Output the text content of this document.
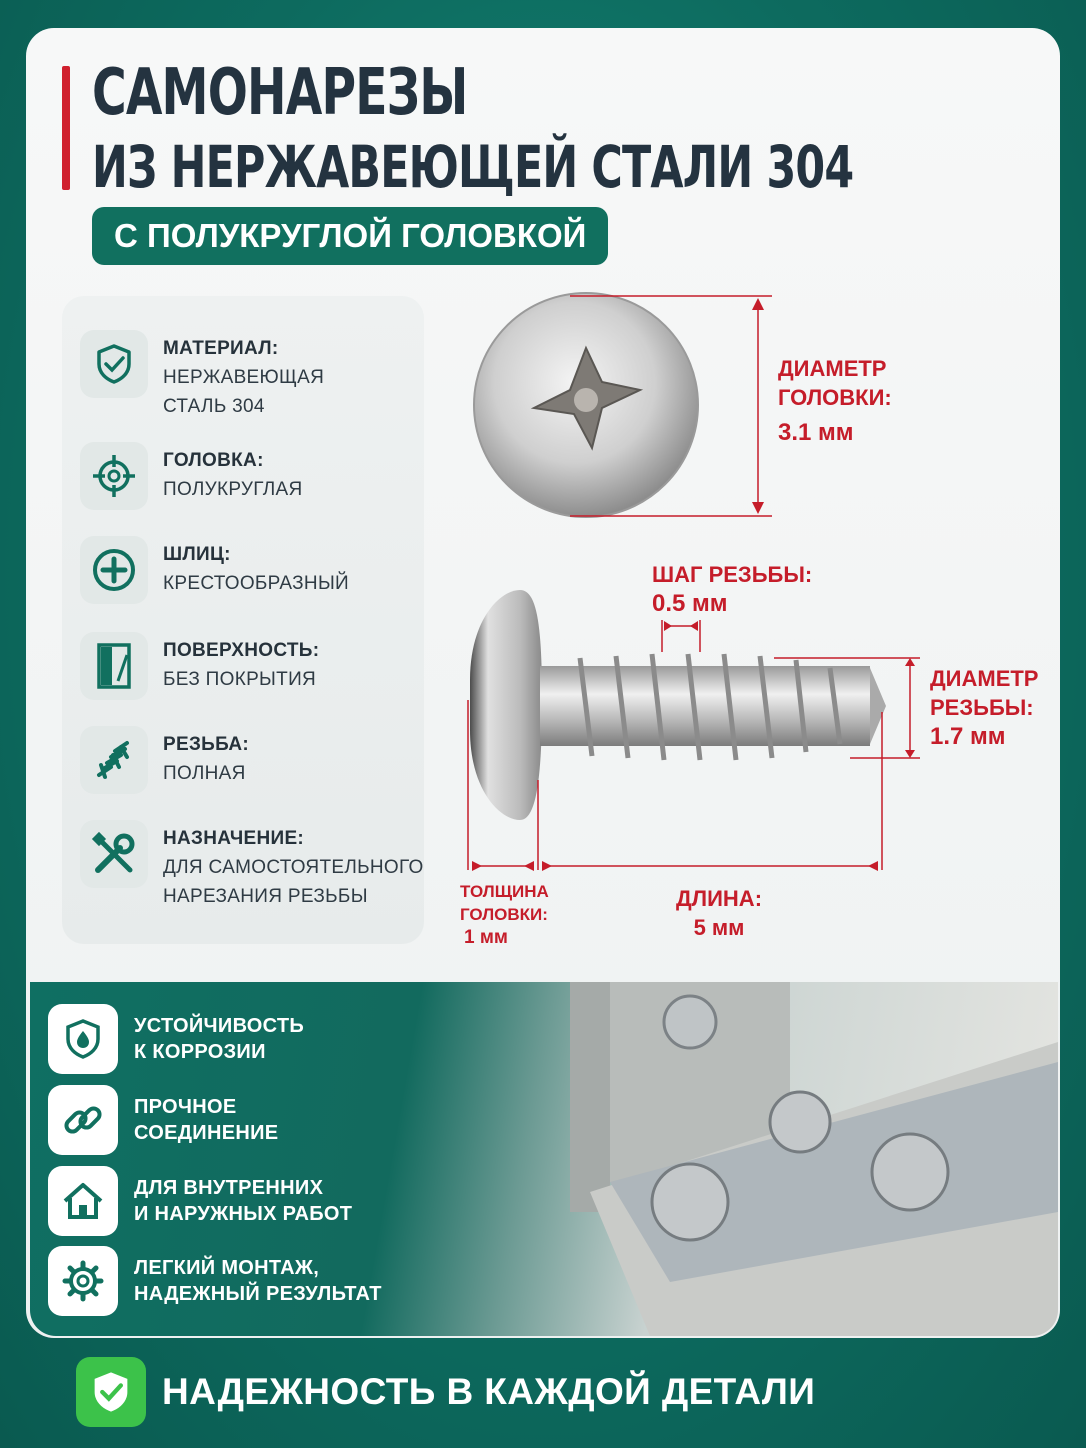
САМОНАРЕЗЫ
ИЗ НЕРЖАВЕЮЩЕЙ СТАЛИ 304
С ПОЛУКРУГЛОЙ ГОЛОВКОЙ
МАТЕРИАЛ:
НЕРЖАВЕЮЩАЯ
СТАЛЬ 304
ГОЛОВКА:
ПОЛУКРУГЛАЯ
ШЛИЦ:
КРЕСТООБРАЗНЫЙ
ПОВЕРХНОСТЬ:
БЕЗ ПОКРЫТИЯ
РЕЗЬБА:
ПОЛНАЯ
НАЗНАЧЕНИЕ:
ДЛЯ САМОСТОЯТЕЛЬНОГО
НАРЕЗАНИЯ РЕЗЬБЫ
ДИАМЕТР
ГОЛОВКИ:
3.1 мм
ШАГ РЕЗЬБЫ:
0.5 мм
ДИАМЕТР
РЕЗЬБЫ:
1.7 мм
ТОЛЩИНА
ГОЛОВКИ:
1 мм
ДЛИНА:
5 мм
УСТОЙЧИВОСТЬ
К КОРРОЗИИ
ПРОЧНОЕ
СОЕДИНЕНИЕ
ДЛЯ ВНУТРЕННИХ
И НАРУЖНЫХ РАБОТ
ЛЕГКИЙ МОНТАЖ,
НАДЕЖНЫЙ РЕЗУЛЬТАТ
НАДЕЖНОСТЬ В КАЖДОЙ ДЕТАЛИ
